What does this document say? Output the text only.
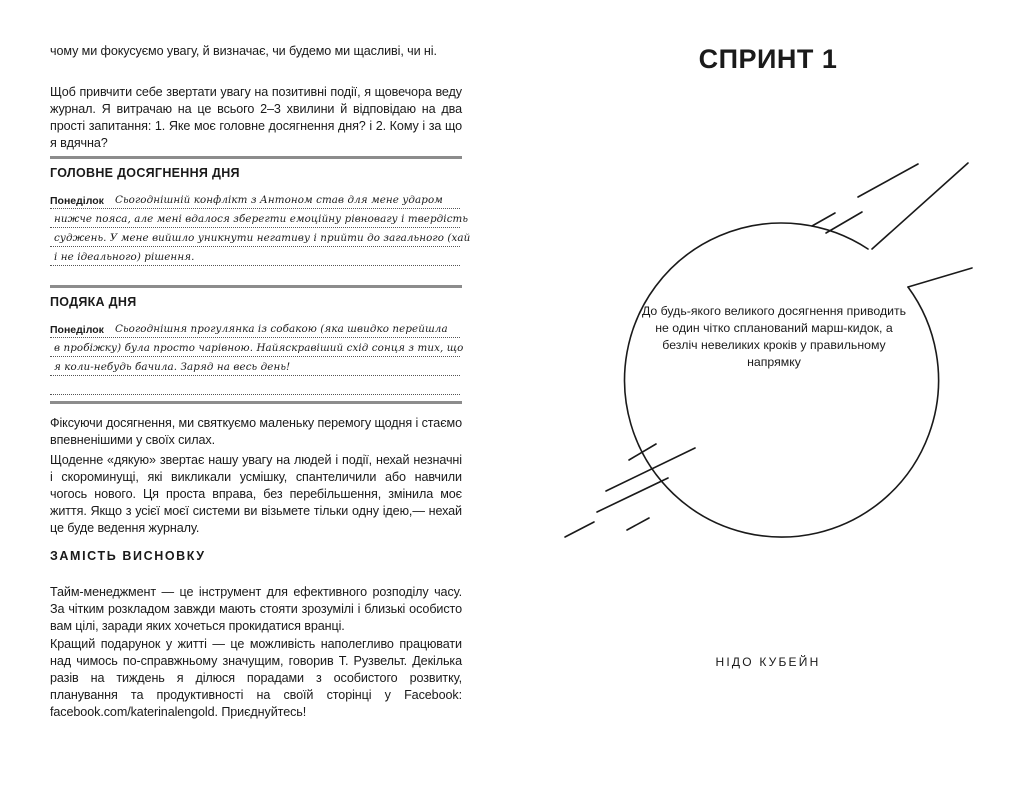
чому ми фокусуємо увагу, й визначає, чи будемо ми щасливі, чи ні.

Щоб привчити себе звертати увагу на позитивні події, я щовечора веду журнал. Я витрачаю на це всього 2–3 хвилини й відповідаю на два прості запитання: 1. Яке моє головне досягнення дня? і 2. Кому і за що я вдячна?

ГОЛОВНЕ ДОСЯГНЕННЯ ДНЯ
Понеділок Сьогоднішній конфлікт з Антоном став для мене ударом
нижче пояса, але мені вдалося зберегти емоційну рівновагу і твердість
суджень. У мене вийшло уникнути негативу і прийти до загального (хай
і не ідеального) рішення.
ПОДЯКА ДНЯ
Понеділок Сьогоднішня прогулянка із собакою (яка швидко перейшла
в пробіжку) була просто чарівною. Найяскравіший схід сонця з тих, що
я коли-небудь бачила. Заряд на весь день!

Фіксуючи досягнення, ми святкуємо маленьку перемогу щодня і стаємо впевненішими у своїх силах.

Щоденне «дякую» звертає нашу увагу на людей і події, нехай незначні і скороминущі, які викликали усмішку, спантеличили або навчили чогось нового. Ця проста вправа, без перебільшення, змінила моє життя. Якщо з усієї моєї системи ви візьмете тільки одну ідею,— нехай це буде ведення журналу.

ЗАМІСТЬ ВИСНОВКУ

Тайм-менеджмент — це інструмент для ефективного розподілу часу. За чітким розкладом завжди мають стояти зрозумілі і близькі особисто вам цілі, заради яких хочеться прокидатися вранці.

Кращий подарунок у житті — це можливість наполегливо працювати над чимось по-справжньому значущим, говорив Т. Рузвельт. Декілька разів на тиждень я ділюся порадами з особистого розвитку, планування та продуктивності на своїй сторінці у Facebook: facebook.com/katerinalengold. Приєднуйтесь!

СПРИНТ 1

До будь-якого великого досягнення приводить не один чітко спланований марш-кидок, а безліч невеликих кроків у правильному напрямку

НІДО КУБЕЙН
